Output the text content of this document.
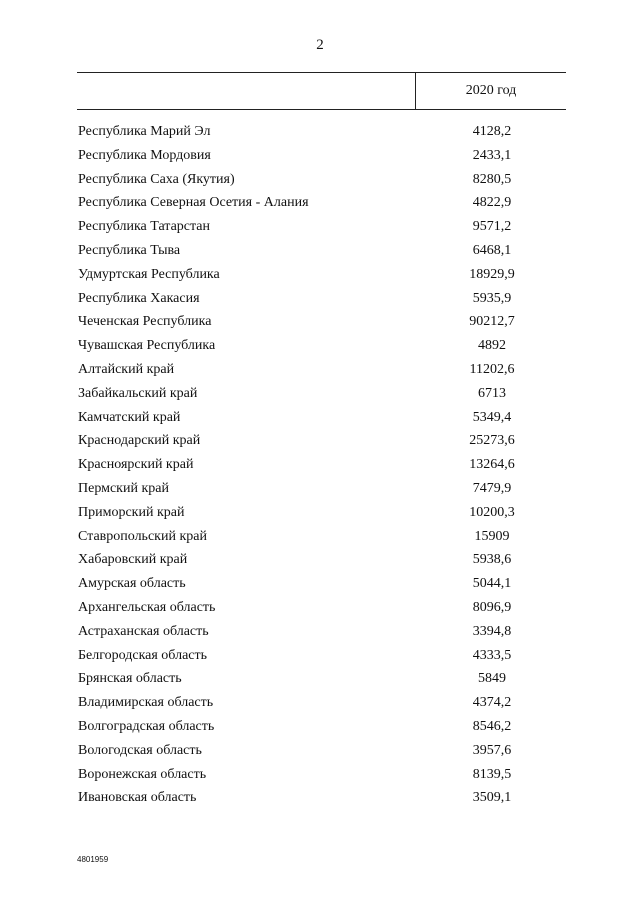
2
2020 год
Республика Марий Эл	4128,2
Республика Мордовия	2433,1
Республика Саха (Якутия)	8280,5
Республика Северная Осетия - Алания	4822,9
Республика Татарстан	9571,2
Республика Тыва	6468,1
Удмуртская Республика	18929,9
Республика Хакасия	5935,9
Чеченская Республика	90212,7
Чувашская Республика	4892
Алтайский край	11202,6
Забайкальский край	6713
Камчатский край	5349,4
Краснодарский край	25273,6
Красноярский край	13264,6
Пермский край	7479,9
Приморский край	10200,3
Ставропольский край	15909
Хабаровский край	5938,6
Амурская область	5044,1
Архангельская область	8096,9
Астраханская область	3394,8
Белгородская область	4333,5
Брянская область	5849
Владимирская область	4374,2
Волгоградская область	8546,2
Вологодская область	3957,6
Воронежская область	8139,5
Ивановская область	3509,1
4801959
